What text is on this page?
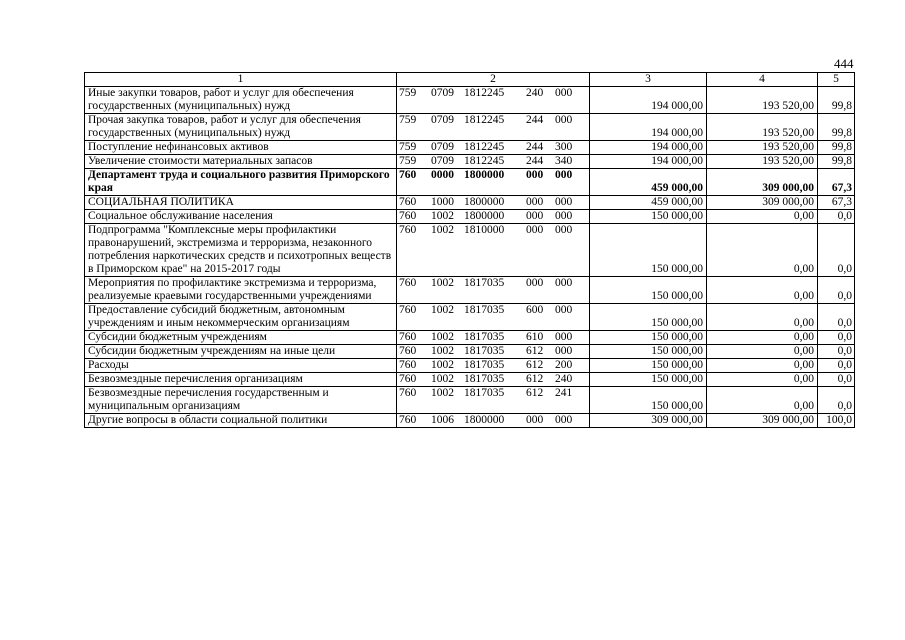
444
1	2	3	4	5
Иные закупки товаров, работ и услуг для обеспечения государственных (муниципальных) нужд	759 0709 1812245 240 000	194 000,00	193 520,00	99,8
Прочая закупка товаров, работ и услуг для обеспечения государственных (муниципальных) нужд	759 0709 1812245 244 000	194 000,00	193 520,00	99,8
Поступление нефинансовых активов	759 0709 1812245 244 300	194 000,00	193 520,00	99,8
Увеличение стоимости материальных запасов	759 0709 1812245 244 340	194 000,00	193 520,00	99,8
Департамент труда и социального развития Приморского края	760 0000 1800000 000 000	459 000,00	309 000,00	67,3
СОЦИАЛЬНАЯ ПОЛИТИКА	760 1000 1800000 000 000	459 000,00	309 000,00	67,3
Социальное обслуживание населения	760 1002 1800000 000 000	150 000,00	0,00	0,0
Подпрограмма "Комплексные меры профилактики правонарушений, экстремизма и терроризма, незаконного потребления наркотических средств и психотропных веществ в Приморском крае" на 2015-2017 годы	760 1002 1810000 000 000	150 000,00	0,00	0,0
Мероприятия по профилактике экстремизма и терроризма, реализуемые краевыми государственными учреждениями	760 1002 1817035 000 000	150 000,00	0,00	0,0
Предоставление субсидий бюджетным, автономным учреждениям и иным некоммерческим организациям	760 1002 1817035 600 000	150 000,00	0,00	0,0
Субсидии бюджетным учреждениям	760 1002 1817035 610 000	150 000,00	0,00	0,0
Субсидии бюджетным учреждениям на иные цели	760 1002 1817035 612 000	150 000,00	0,00	0,0
Расходы	760 1002 1817035 612 200	150 000,00	0,00	0,0
Безвозмездные перечисления организациям	760 1002 1817035 612 240	150 000,00	0,00	0,0
Безвозмездные перечисления государственным и муниципальным организациям	760 1002 1817035 612 241	150 000,00	0,00	0,0
Другие вопросы в области социальной политики	760 1006 1800000 000 000	309 000,00	309 000,00	100,0
